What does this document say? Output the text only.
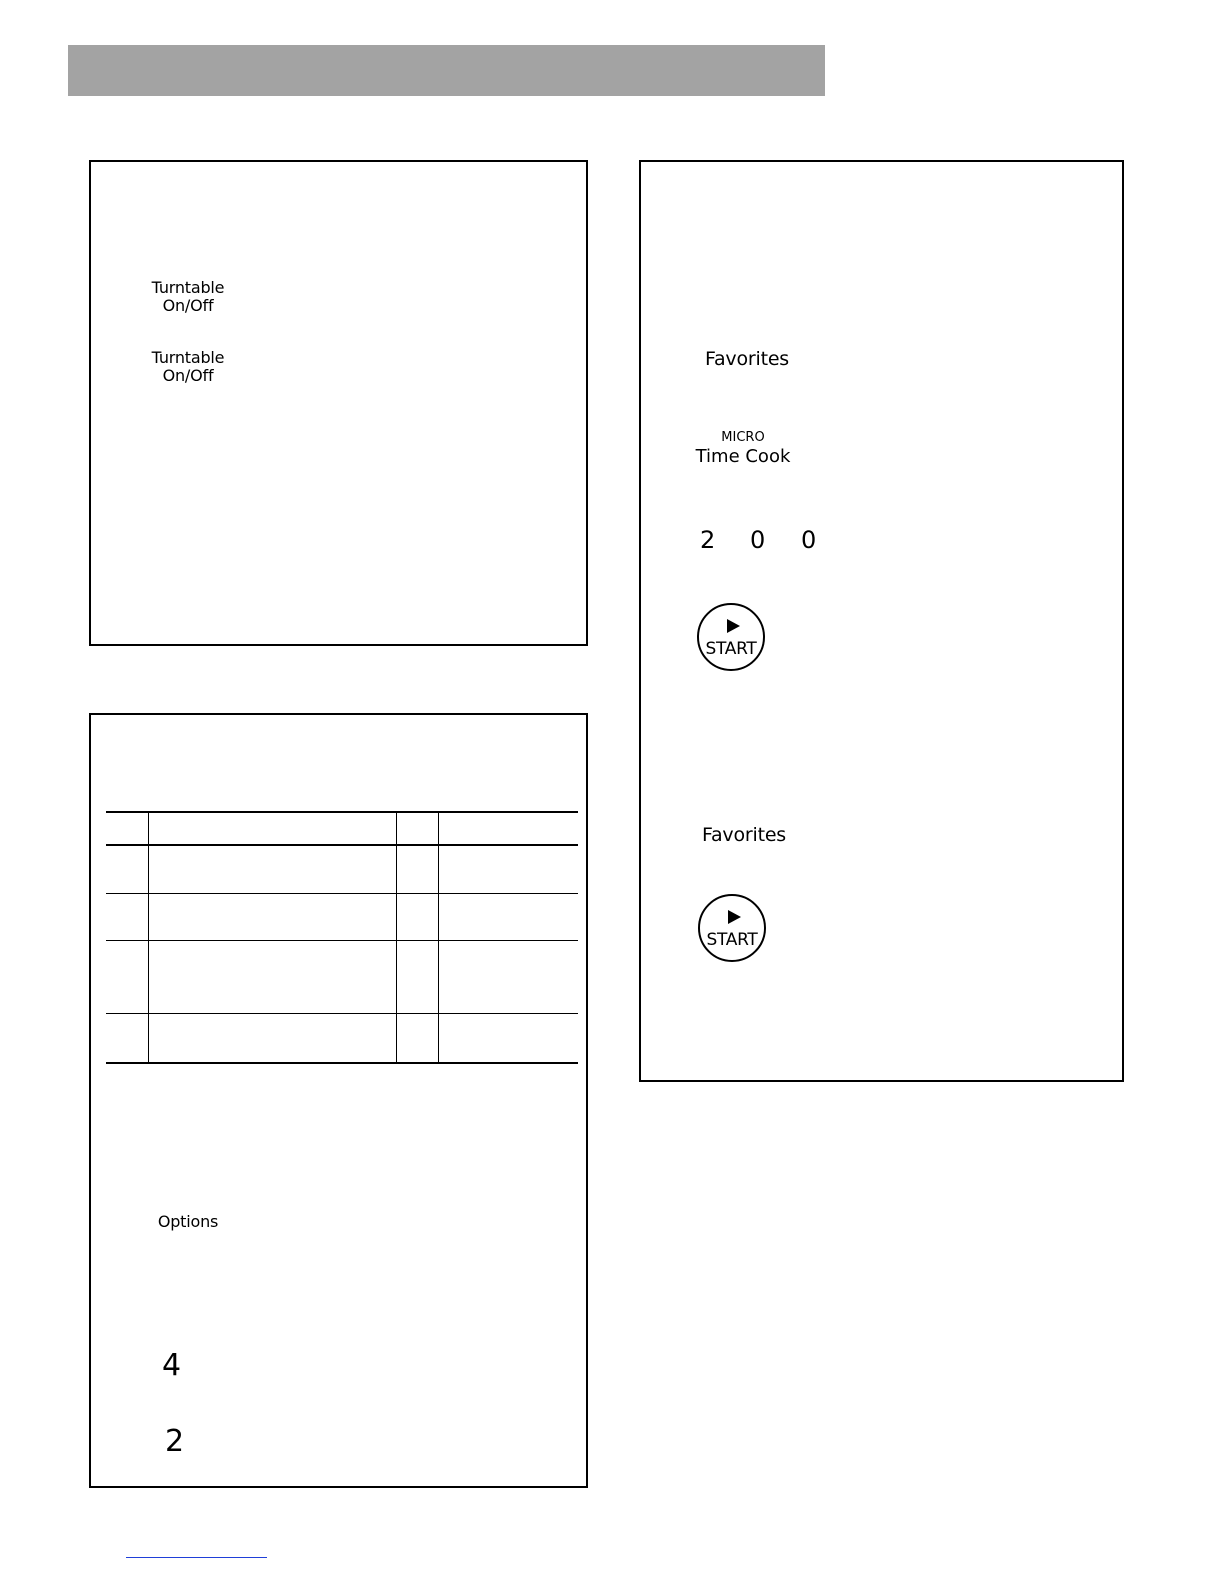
Turntable
On/Off
Turntable
On/Off
Options
4
2
Favorites
MICRO
Time Cook
2 0 0
START
Favorites
START
